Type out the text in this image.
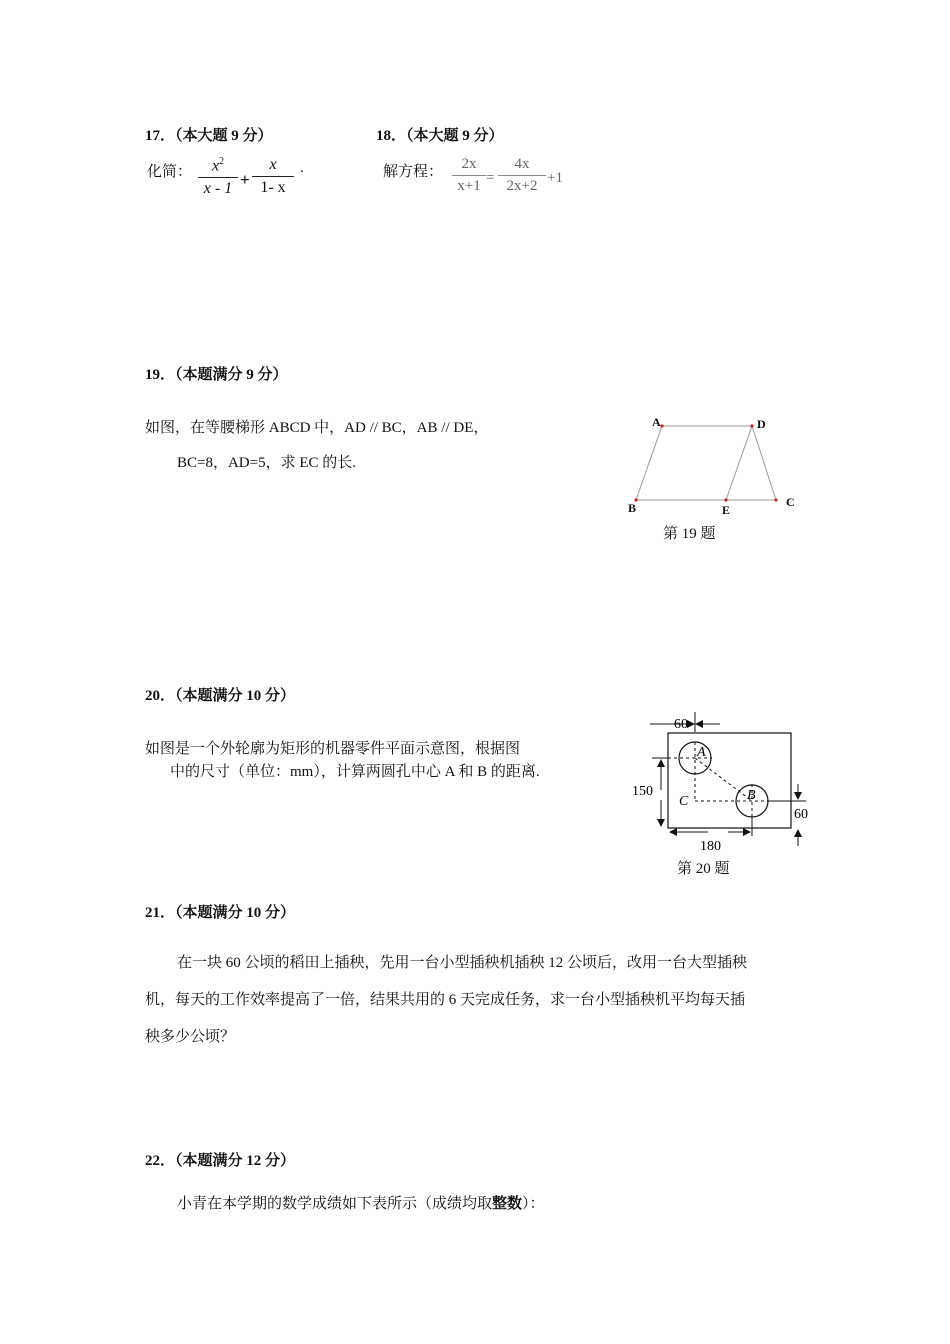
17．（本大题 9 分）
化简：	$x^2$
x - 1 +
x
1- x
.
18．（本大题 9 分）
解方程：	2x
x+1 =
4x
2x+2 +1
19．（本题满分 9 分）
如图，在等腰梯形 ABCD 中，AD // BC，AB // DE，
BC=8，AD=5，求 EC 的长.
A	D
B	E
C
第 19 题
20．（本题满分 10 分）
如图是一个外轮廓为矩形的机器零件平面示意图，根据图
中的尺寸（单位：mm），计算两圆孔中心 A 和 B 的距离.
60
A
B
C
150
180
60
第 20 题
21．（本题满分 10 分）
在一块 60 公顷的稻田上插秧，先用一台小型插秧机插秧 12 公顷后，改用一台大型插秧
机，每天的工作效率提高了一倍，结果共用的 6 天完成任务，求一台小型插秧机平均每天插
秧多少公顷？
22．（本题满分 12 分）
小青在本学期的数学成绩如下表所示（成绩均取整数）：
